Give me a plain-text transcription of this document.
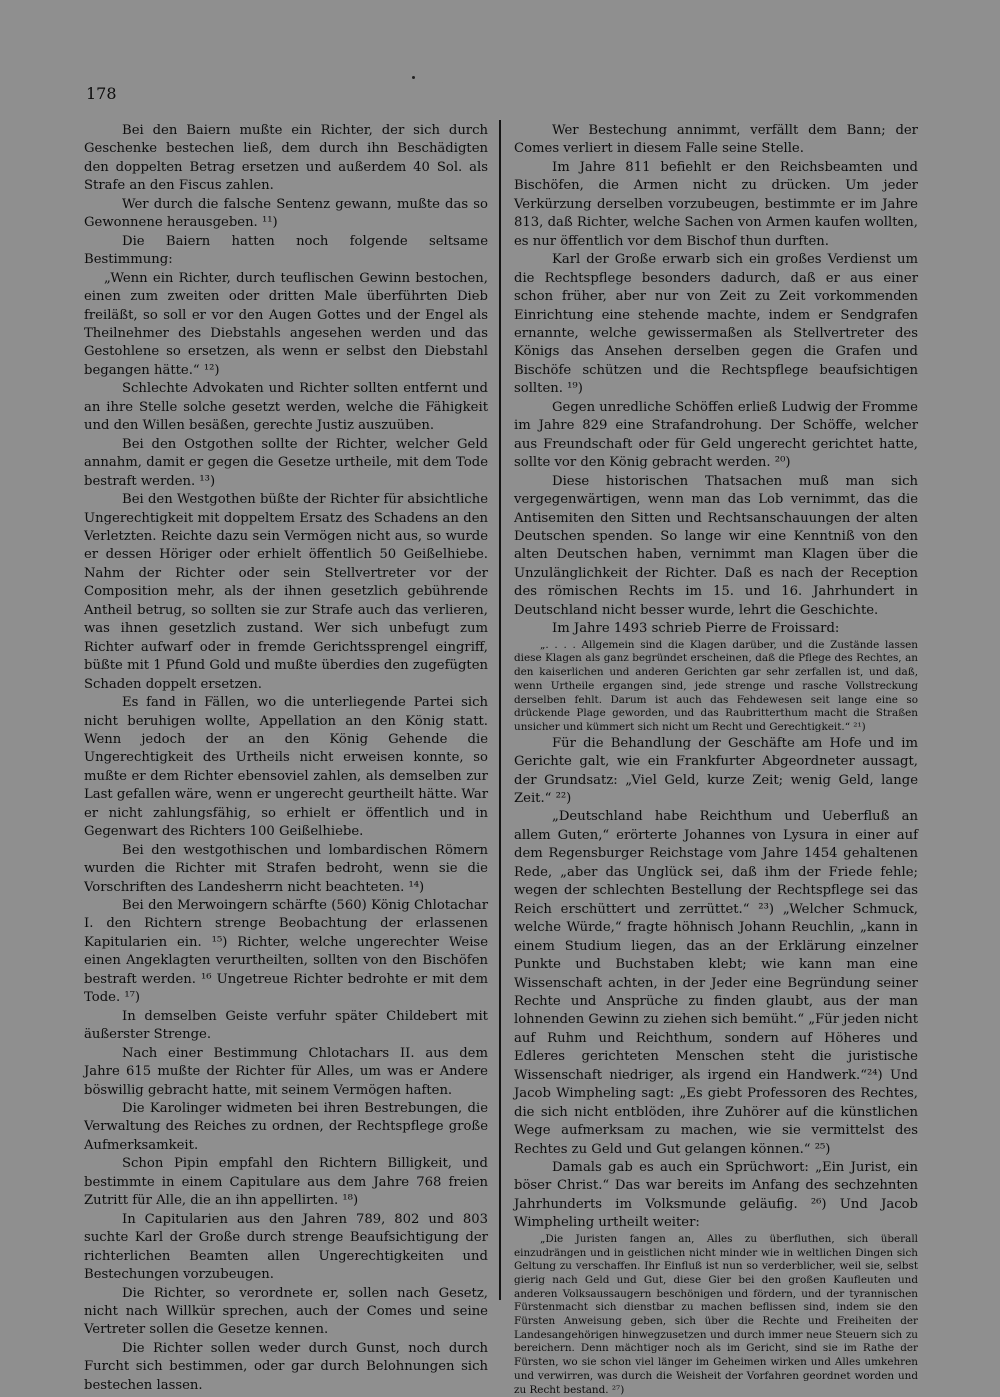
178

Bei den Baiern mußte ein Richter, der sich durch Geschenke bestechen ließ, dem durch ihn Beschädigten den doppelten Betrag ersetzen und außerdem 40 Sol. als Strafe an den Fiscus zahlen.

Wer durch die falsche Sentenz gewann, mußte das so Gewonnene herausgeben. ¹¹)

Die Baiern hatten noch folgende seltsame Bestimmung:

„Wenn ein Richter, durch teuflischen Gewinn bestochen, einen zum zweiten oder dritten Male überführten Dieb freiläßt, so soll er vor den Augen Gottes und der Engel als Theilnehmer des Diebstahls angesehen werden und das Gestohlene so ersetzen, als wenn er selbst den Diebstahl begangen hätte.“ ¹²)

Schlechte Advokaten und Richter sollten entfernt und an ihre Stelle solche gesetzt werden, welche die Fähigkeit und den Willen besäßen, gerechte Justiz auszuüben.

Bei den Ostgothen sollte der Richter, welcher Geld annahm, damit er gegen die Gesetze urtheile, mit dem Tode bestraft werden. ¹³)

Bei den Westgothen büßte der Richter für absichtliche Ungerechtigkeit mit doppeltem Ersatz des Schadens an den Verletzten. Reichte dazu sein Vermögen nicht aus, so wurde er dessen Höriger oder erhielt öffentlich 50 Geißelhiebe. Nahm der Richter oder sein Stellvertreter vor der Composition mehr, als der ihnen gesetzlich gebührende Antheil betrug, so sollten sie zur Strafe auch das verlieren, was ihnen gesetzlich zustand. Wer sich unbefugt zum Richter aufwarf oder in fremde Gerichtssprengel eingriff, büßte mit 1 Pfund Gold und mußte überdies den zugefügten Schaden doppelt ersetzen.

Es fand in Fällen, wo die unterliegende Partei sich nicht beruhigen wollte, Appellation an den König statt. Wenn jedoch der an den König Gehende die Ungerechtigkeit des Urtheils nicht erweisen konnte, so mußte er dem Richter ebensoviel zahlen, als demselben zur Last gefallen wäre, wenn er ungerecht geurtheilt hätte. War er nicht zahlungsfähig, so erhielt er öffentlich und in Gegenwart des Richters 100 Geißelhiebe.

Bei den westgothischen und lombardischen Römern wurden die Richter mit Strafen bedroht, wenn sie die Vorschriften des Landesherrn nicht beachteten. ¹⁴)

Bei den Merwoingern schärfte (560) König Chlotachar I. den Richtern strenge Beobachtung der erlassenen Kapitularien ein. ¹⁵) Richter, welche ungerechter Weise einen Angeklagten verurtheilten, sollten von den Bischöfen bestraft werden. ¹⁶ Ungetreue Richter bedrohte er mit dem Tode. ¹⁷)

In demselben Geiste verfuhr später Childebert mit äußerster Strenge.

Nach einer Bestimmung Chlotachars II. aus dem Jahre 615 mußte der Richter für Alles, um was er Andere böswillig gebracht hatte, mit seinem Vermögen haften.

Die Karolinger widmeten bei ihren Bestrebungen, die Verwaltung des Reiches zu ordnen, der Rechtspflege große Aufmerksamkeit.

Schon Pipin empfahl den Richtern Billigkeit, und bestimmte in einem Capitulare aus dem Jahre 768 freien Zutritt für Alle, die an ihn appellirten. ¹⁸)

In Capitularien aus den Jahren 789, 802 und 803 suchte Karl der Große durch strenge Beaufsichtigung der richterlichen Beamten allen Ungerechtigkeiten und Bestechungen vorzubeugen.

Die Richter, so verordnete er, sollen nach Gesetz, nicht nach Willkür sprechen, auch der Comes und seine Vertreter sollen die Gesetze kennen.

Die Richter sollen weder durch Gunst, noch durch Furcht sich bestimmen, oder gar durch Belohnungen sich bestechen lassen.

Wer Bestechung annimmt, verfällt dem Bann; der Comes verliert in diesem Falle seine Stelle.

Im Jahre 811 befiehlt er den Reichsbeamten und Bischöfen, die Armen nicht zu drücken. Um jeder Verkürzung derselben vorzubeugen, bestimmte er im Jahre 813, daß Richter, welche Sachen von Armen kaufen wollten, es nur öffentlich vor dem Bischof thun durften.

Karl der Große erwarb sich ein großes Verdienst um die Rechtspflege besonders dadurch, daß er aus einer schon früher, aber nur von Zeit zu Zeit vorkommenden Einrichtung eine stehende machte, indem er Sendgrafen ernannte, welche gewissermaßen als Stellvertreter des Königs das Ansehen derselben gegen die Grafen und Bischöfe schützen und die Rechtspflege beaufsichtigen sollten. ¹⁹)

Gegen unredliche Schöffen erließ Ludwig der Fromme im Jahre 829 eine Strafandrohung. Der Schöffe, welcher aus Freundschaft oder für Geld ungerecht gerichtet hatte, sollte vor den König gebracht werden. ²⁰)

Diese historischen Thatsachen muß man sich vergegenwärtigen, wenn man das Lob vernimmt, das die Antisemiten den Sitten und Rechtsanschauungen der alten Deutschen spenden. So lange wir eine Kenntniß von den alten Deutschen haben, vernimmt man Klagen über die Unzulänglichkeit der Richter. Daß es nach der Reception des römischen Rechts im 15. und 16. Jahrhundert in Deutschland nicht besser wurde, lehrt die Geschichte.

Im Jahre 1493 schrieb Pierre de Froissard:

„. . . . Allgemein sind die Klagen darüber, und die Zustände lassen diese Klagen als ganz begründet erscheinen, daß die Pflege des Rechtes, an den kaiserlichen und anderen Gerichten gar sehr zerfallen ist, und daß, wenn Urtheile ergangen sind, jede strenge und rasche Vollstreckung derselben fehlt. Darum ist auch das Fehdewesen seit lange eine so drückende Plage geworden, und das Raubritterthum macht die Straßen unsicher und kümmert sich nicht um Recht und Gerechtigkeit.“ ²¹)

Für die Behandlung der Geschäfte am Hofe und im Gerichte galt, wie ein Frankfurter Abgeordneter aussagt, der Grundsatz: „Viel Geld, kurze Zeit; wenig Geld, lange Zeit.“ ²²)

„Deutschland habe Reichthum und Ueberfluß an allem Guten,“ erörterte Johannes von Lysura in einer auf dem Regensburger Reichstage vom Jahre 1454 gehaltenen Rede, „aber das Unglück sei, daß ihm der Friede fehle; wegen der schlechten Bestellung der Rechtspflege sei das Reich erschüttert und zerrüttet.“ ²³) „Welcher Schmuck, welche Würde,“ fragte höhnisch Johann Reuchlin, „kann in einem Studium liegen, das an der Erklärung einzelner Punkte und Buchstaben klebt; wie kann man eine Wissenschaft achten, in der Jeder eine Begründung seiner Rechte und Ansprüche zu finden glaubt, aus der man lohnenden Gewinn zu ziehen sich bemüht.“ „Für jeden nicht auf Ruhm und Reichthum, sondern auf Höheres und Edleres gerichteten Menschen steht die juristische Wissenschaft niedriger, als irgend ein Handwerk.“²⁴) Und Jacob Wimpheling sagt: „Es giebt Professoren des Rechtes, die sich nicht entblöden, ihre Zuhörer auf die künstlichen Wege aufmerksam zu machen, wie sie vermittelst des Rechtes zu Geld und Gut gelangen können.“ ²⁵)

Damals gab es auch ein Sprüchwort: „Ein Jurist, ein böser Christ.“ Das war bereits im Anfang des sechzehnten Jahrhunderts im Volksmunde geläufig. ²⁶) Und Jacob Wimpheling urtheilt weiter:

„Die Juristen fangen an, Alles zu überfluthen, sich überall einzudrängen und in geistlichen nicht minder wie in weltlichen Dingen sich Geltung zu verschaffen. Ihr Einfluß ist nun so verderblicher, weil sie, selbst gierig nach Geld und Gut, diese Gier bei den großen Kaufleuten und anderen Volksaussaugern beschönigen und fördern, und der tyrannischen Fürstenmacht sich dienstbar zu machen beflissen sind, indem sie den Fürsten Anweisung geben, sich über die Rechte und Freiheiten der Landesangehörigen hinwegzusetzen und durch immer neue Steuern sich zu bereichern. Denn mächtiger noch als im Gericht, sind sie im Rathe der Fürsten, wo sie schon viel länger im Geheimen wirken und Alles umkehren und verwirren, was durch die Weisheit der Vorfahren geordnet worden und zu Recht bestand. ²⁷)
